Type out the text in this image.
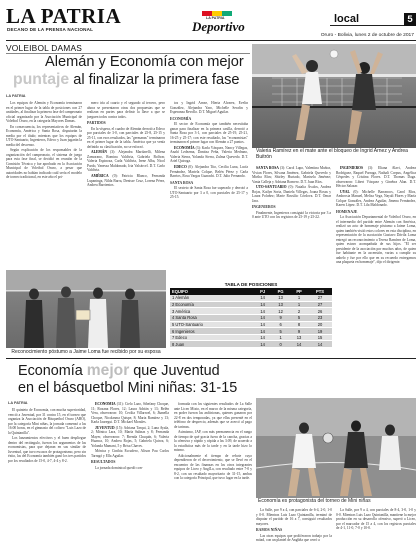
LA PATRIA
DECANO DE LA PRENSA NACIONAL
LA PATRIA
Deportivo	local	5
Oruro - Bolivia, lunes 2 de octubre de 2017
VOLEIBOL DAMAS
Alemán y Economía con mejor
puntaje al finalizar la primera fase
LA PATRIA

Los equipos de Alemán y Economía terminaron en el primer lugar de la tabla de posiciones con 27 unidades, al finalizar la primera fase del campeonato oficial organizado por la Asociación Municipal de Voleibol Oruro, en la categoría Mayores Damas.

En consecuencia, los representativos de Alemán, Economía, América y Santa Rosa, disputarán la media por el título; mientras que los equipos de UTO-Santuario, Ingenieros, Edeco y Juan jugarán la media del descenso.

Según explicación de los responsables de la organización del campeonato, el sistema de juego para esta fase final, se decidió en reunión de la Comisión Técnica y fue aprobado en la Asociación Municipal de Voleibol Oruro, a pesar que autoridades no habían indicado cuál sería el modelo de torneo tradicional, en este año el pri-

mero iría al cuarto y el segundo al tercero, pero ahora se presentaron otras dos propuestas que se realizan en partes para definir la llave a que se jueguen todos contra todos.

PARTIDOS

En la víspera, el cuadro de Alemán derrotó a Edeco por parciales de 3-0, con parciales de 25-8, 25-15 y 25-11, con esos resultados, las "germanas" terminaron en el primer lugar de la tabla. América que ya venía definido su clasificación, no se esforzó.

ALEMÁN (3): Alejandra Mardarelli, Milena Zamorano, Romina Valdivia, Gabriela Bolívar, Valeria Espinoza, Carla Valdivia, Irene Alba, Nicol Pardo, Vanessa Maldonado, Iria Valcárcel. D.T. Carlo Valdivia.

AMÉRICA (0): Patricia Blanco, Fernanda Lupaninga, Nilda Barra, Denisse Cruz, Lorena Pérez, Andrea Barrientos.

tos y Ingrid Arnez, Hieria Alvarez, Evelin González, Alejandra Yaro, Michelle Serafin y Esperanza Revollo. D.T. Miguel Aguilar.

ECONOMÍA

El sector de Economía que también necesitaba ganar para finalizar en la primera casilla, derrotó a Santa Rosa por 3-1, con parciales de 25-19, 25-21, 16-25 y 25-17; con este resultado, las "economistas" terminaron el primer lugar con Alemán a 27 puntos.

ECONOMÍA (3): Karla Vásquez, Nancy Villegas, Anahí Ledezma, Danitza Peña, Valeria Medrano, Valeria Sierra, Yolanda Sierra, Zulma Quevedo. D.T. Ariel Quiroga.

EDECO (0): Alejandra Tito, Cecilia Luna, Lucía Fernández, Mariela Colque, Belén Pérez y Carla Barrios, Rosa Vargas Guarachi. D.T. Julio Fernando.

SANTA ROSA

El sexteto de Santa Rosa fue superado y derrotó a UTO-Santuario por 3 a 0, con parciales de 25-17 y 25-15.

Valeria Ramírez en el mate ante el bloqueo de Ingrid Arnez y Andrea Buitrón

SANTA ROSA (3): Carol Lupo, Valentina Muñoz, Vivian Flores, Silvana Jiménez, Gabriela Quevedo y Mirtha Ríos; Shirley Hurtado, Marisela Jiménez; Vania Calleja y Adriana Romero. D.T. Juan Ríos.

UTO-SANTUARIO (0): Natalia Ávalos, Andrea Rojas, Katlyn Soria, Daniela Villegas, Joana Rosas y Laura Poloñez; Marie Rossilio Córdova. D.T. Omar Jara.

INGENIEROS

Finalmente, Ingenieros consiguió la victoria por 3 a 0 ante UTO con los registros de 25-19 y 25-22.

INGENIEROS (3): Eliana Alavi, Andrea Rodríguez, Raquel Parraga, Nathali Corpus, Angélica Céspedes y Cristina Flores. D.T. Thomas Daga. observaron: Libert Vásquez y Ginebra Alan. D.T. Héctor Salazar.

UYAL (0): Michelle Barrancos, Carol Ríos, Ambrosia Manuel, Melisa Vega, Nayali Flores y María Colque Gonzáles, Andrea Aguilar, Jimena Fernández, Karen López. D.T. Lila Maldonado.

HOMENAJE

La Asociación Departamental de Voleibol Oruro, en el intermedio del partido entre Alemán con América, realizó un acto de homenaje póstumo a Jaime Loma, quien también vistió estos colores en esta disciplina, en representación de la asociación Gustavo Dávila Loma entregó un reconocimiento a Teresa Ramírez de Loma, quien estuvo acompañada de sus hijos. "El ser presidente de la asociación por muchos años, de quien fue habitante en la ascensión, varias a cumplir su anhelo y fue por ello que en su recuerdo entregamos una plaqueta en homenaje", dijo el dirigente.

Reconocimiento póstumo a Jaime Loma fue recibido por su esposa
TABLA DE POSICIONES
EQUIPO	PJ	PG	PP	PTS
1 Alemán	14	13	1	27
2 Economía	14	13	1	27
3 América	14	12	2	26
4 Santa Rosa	14	9	5	23
5 UTO-Santuario	14	6	8	20
6 Ingenieros	14	5	9	19
7 Edeco	14	1	13	15
8 Juan	14	0	14	14
Economía mejor que Juventud
en el básquetbol Mini niñas: 31-15
LA PATRIA

El quinteto de Economía, con mucha superioridad, venció a Juventud, por 31 contra 15, en el torneo que organiza la Asociación de Básquetbol Oruro (ABO), por la categoría Mini niñas, la jornada comenzó a las 16:00 horas, en el gimnasio del coliseo "Luis Lazo de la Quintanilla".

Los lanzamientos efectivos y el buen despliegue dentro del rectángulo, fueron los argumentos de las economistas, para que dejaran en sus similar de Juventud, que tuvo escasos de protagonismo, pero sin éxito, las del Economía también ganó los tres partidos por los resultados de 15-0, 4-7, 4-4 y 8-2.

ECONOMÍA (31): Cielo Lazo, Sthefany Choque, 11; Roxana Flores, 12; Laura Adrián y 13; Belén Vera, observaron: 10; Cecilia Villarroel, 6; Jhanella Choque, Nicolasma Quispe, 8; Maria Ramírez y 13; Karla Jauregui. D.T. Mickael Morales.

JUVENTUD (15): Adriana Tarqui, 2; Luna Ayala, 2; Mónica Lara, 10; María Salinas y 8; Fernanda Mayer, observaron: 7; Brenda Chuquín, 6; Valeria Huanca, 10; Andrea Rojas, 5; Gabriela Quiroz, 6; Yolanda Mamani, 5 y Brisa Chaves.

Mónica y Cinthia Escudero, Alison Pau Carlos Tarragó y Ella Aguilar.

RESULTADOS

La jornada dominical quedó con-

formada con los siguientes resultados de La Salle ante Liceo Mixto, en el marco de la misma categoría, en poder fueron las anfitrionas, quienes ganaron por 22-8 en dos temporadas, ya que ellas presenté en el teléfono de desprecio, además que se acercó al pago de tarimas.

Asimismo, JAP, con más permanencia en el rango de tiempo de qué gracia fuera de la cancha, gracias a la ofensiva y rápido y rápida a las 3:09, de acuerdo a la estadística más de la tarde y en la tarde hizo lo mismo.

Adicionalmente el tiempo de rebote cuyo dependieron de el decrecimiento, que se llevó en el encuentro de las finanzas en los otros integrantes equipos de Liceo y AnglLa, con resultado entre 7-0 y 8-2, con un resultado mayoritario de 31-15, ambas con la categoría Principal, que tuvo lugar en la tarde.

Economía es protagonista del torneo de Mini niñas

La Salle, por 9 a 4, con parciales de 8-4, 3-0, 1-0 y 0-0. Mientras Luis Lazo Quintanilla, mantiene la mejor producción en su desarrollo ofensivo, superó a Liceo, por el marcador de 15 a 4, con los registros parciales de 4-1, 11-0, 7-0 y 10-0.

La Salle, por 9 a 4, con parciales de 6-4, 2-0, 1-0 y 0-0. Mientras Luis Lazo Quintanilla, terminó de disputar el partido de 16 a 7, consiguió resultados mayores.

RAMOS NIÑAS

Las otras equipos que proliferaron trabajo por la mitad, con un plantel de Angliña que cerró a
